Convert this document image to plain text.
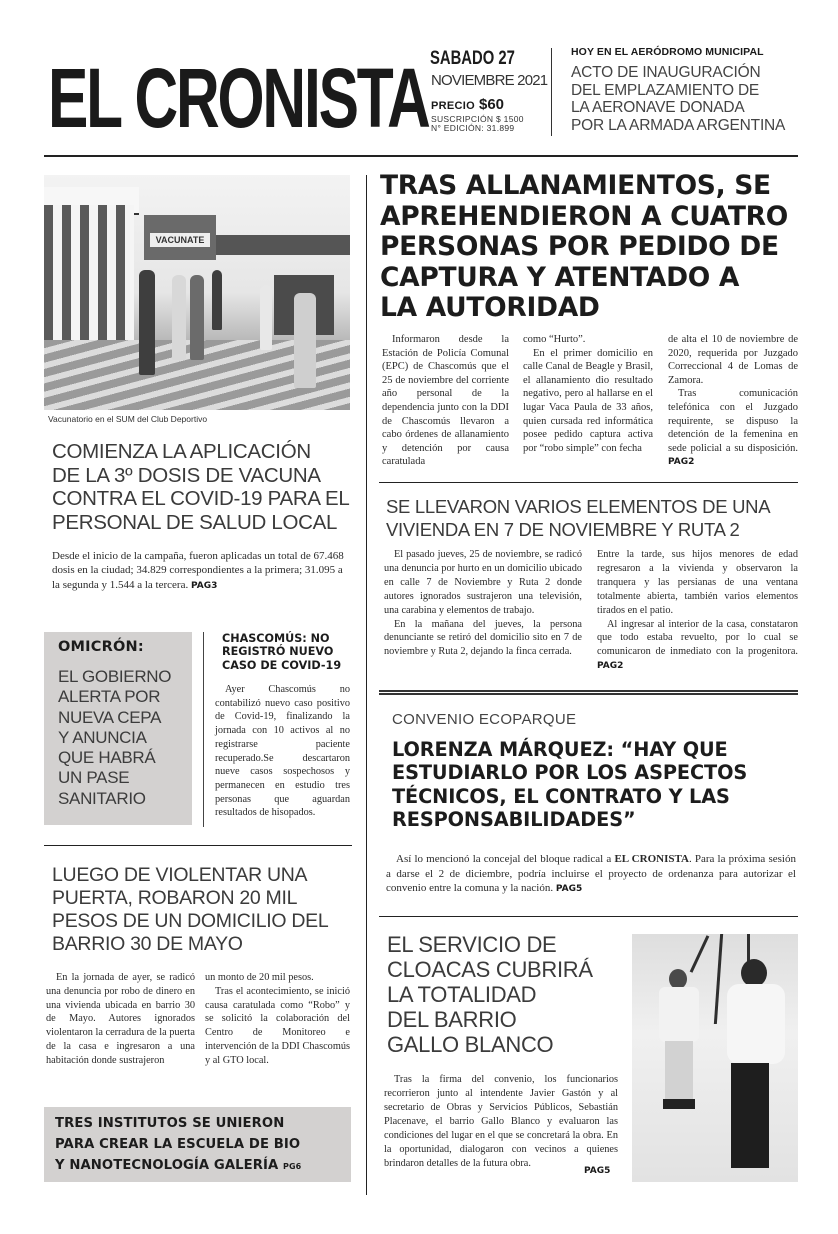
EL CRONISTA SABADO 27
NOVIEMBRE 2021
PRECIO $60
SUSCRIPCIÓN $ 1500
N° EDICIÓN: 31.899
HOY EN EL AERÓDROMO MUNICIPAL
ACTO DE INAUGURACIÓN
DEL EMPLAZAMIENTO DE
LA AERONAVE DONADA
POR LA ARMADA ARGENTINA
VACUNATE
Vacunatorio en el SUM del Club Deportivo
COMIENZA LA APLICACIÓN
DE LA 3º DOSIS DE VACUNA
CONTRA EL COVID-19 PARA EL
PERSONAL DE SALUD LOCAL
Desde el inicio de la campaña, fueron aplicadas un total de 67.468 dosis en la ciudad; 34.829 correspondientes a la primera; 31.095 a la segunda y 1.544 a la tercera. PAG3
OMICRÓN:
EL GOBIERNO
ALERTA POR
NUEVA CEPA
Y ANUNCIA
QUE HABRÁ
UN PASE
SANITARIO
CHASCOMÚS: NO
REGISTRÓ NUEVO
CASO DE COVID-19

Ayer Chascomús no contabilizó nuevo caso positivo de Covid-19, finalizando la jornada con 10 activos al no registrarse paciente recuperado.Se descartaron nueve casos sospechosos y permanecen en estudio tres personas que aguardan resultados de hisopados.

LUEGO DE VIOLENTAR UNA
PUERTA, ROBARON 20 MIL
PESOS DE UN DOMICILIO DEL
BARRIO 30 DE MAYO

En la jornada de ayer, se radicó una denuncia por robo de dinero en una vivienda ubicada en barrio 30 de Mayo. Autores ignorados violentaron la cerradura de la puerta de la casa e ingresaron a una habitación donde sustrajeron

un monto de 20 mil pesos.

Tras el acontecimiento, se inició causa caratulada como “Robo” y se solicitó la colaboración del Centro de Monitoreo e intervención de la DDI Chascomús y al GTO local.

TRES INSTITUTOS SE UNIERON
PARA CREAR LA ESCUELA DE BIO
Y NANOTECNOLOGÍA GALERÍA PG6
TRAS ALLANAMIENTOS, SE
APREHENDIERON A CUATRO
PERSONAS POR PEDIDO DE
CAPTURA Y ATENTADO A
LA AUTORIDAD

Informaron desde la Estación de Policía Comunal (EPC) de Chascomús que el 25 de noviembre del corriente año personal de la dependencia junto con la DDI de Chascomús llevaron a cabo órdenes de allanamiento y detención por causa caratulada

como “Hurto”.

En el primer domicilio en calle Canal de Beagle y Brasil, el allanamiento dio resultado negativo, pero al hallarse en el lugar Vaca Paula de 33 años, quien cursada red informática posee pedido captura activa por “robo simple” con fecha

de alta el 10 de noviembre de 2020, requerida por Juzgado Correccional 4 de Lomas de Zamora.

Tras comunicación telefónica con el Juzgado requirente, se dispuso la detención de la femenina en sede policial a su disposición. PAG2

SE LLEVARON VARIOS ELEMENTOS DE UNA
VIVIENDA EN 7 DE NOVIEMBRE Y RUTA 2

El pasado jueves, 25 de noviembre, se radicó una denuncia por hurto en un domicilio ubicado en calle 7 de Noviembre y Ruta 2 donde autores ignorados sustrajeron una televisión, una carabina y elementos de trabajo.

En la mañana del jueves, la persona denunciante se retiró del domicilio sito en 7 de noviembre y Ruta 2, dejando la finca cerrada.

Entre la tarde, sus hijos menores de edad regresaron a la vivienda y observaron la tranquera y las persianas de una ventana totalmente abierta, también varios elementos tirados en el patio.

Al ingresar al interior de la casa, constataron que todo estaba revuelto, por lo cual se comunicaron de inmediato con la progenitora. PAG2

CONVENIO ECOPARQUE
LORENZA MÁRQUEZ: “HAY QUE
ESTUDIARLO POR LOS ASPECTOS
TÉCNICOS, EL CONTRATO Y LAS
RESPONSABILIDADES”

Así lo mencionó la concejal del bloque radical a EL CRONISTA. Para la próxima sesión a darse el 2 de diciembre, podría incluirse el proyecto de ordenanza para autorizar el convenio entre la comuna y la nación. PAG5

EL SERVICIO DE
CLOACAS CUBRIRÁ
LA TOTALIDAD
DEL BARRIO
GALLO BLANCO

Tras la firma del convenio, los funcionarios recorrieron junto al intendente Javier Gastón y al secretario de Obras y Servicios Públicos, Sebastián Placenave, el barrio Gallo Blanco y evaluaron las condiciones del lugar en el que se concretará la obra. En la oportunidad, dialogaron con vecinos a quienes brindaron detalles de la futura obra.

PAG5
